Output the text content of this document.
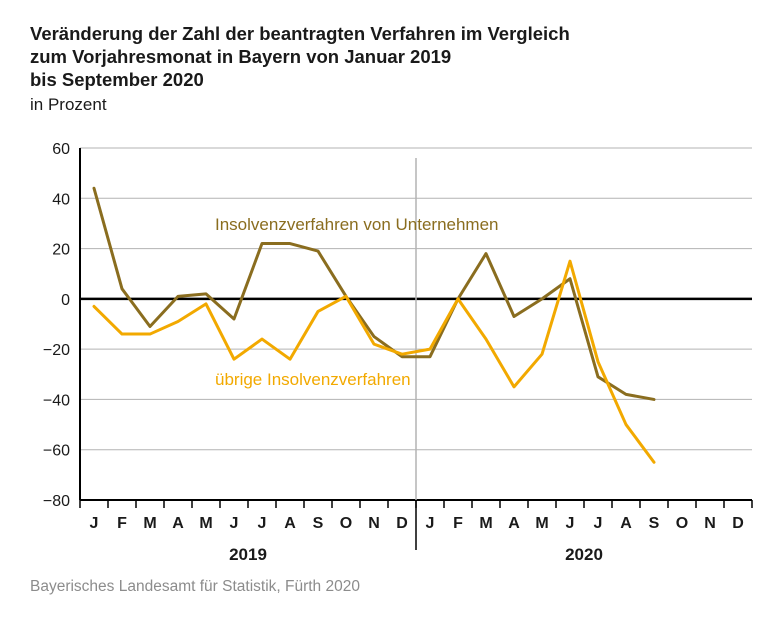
Veränderung der Zahl der beantragten Verfahren im Vergleich
zum Vorjahresmonat in Bayern von Januar 2019
bis September 2020
in Prozent
−80
−60
−40
−20
0
20
40
60
J F M A M J J A S O N D J F M A M J J A S O N D
2019	2020
Insolvenzverfahren von Unternehmen
übrige Insolvenzverfahren
Bayerisches Landesamt für Statistik, Fürth 2020
